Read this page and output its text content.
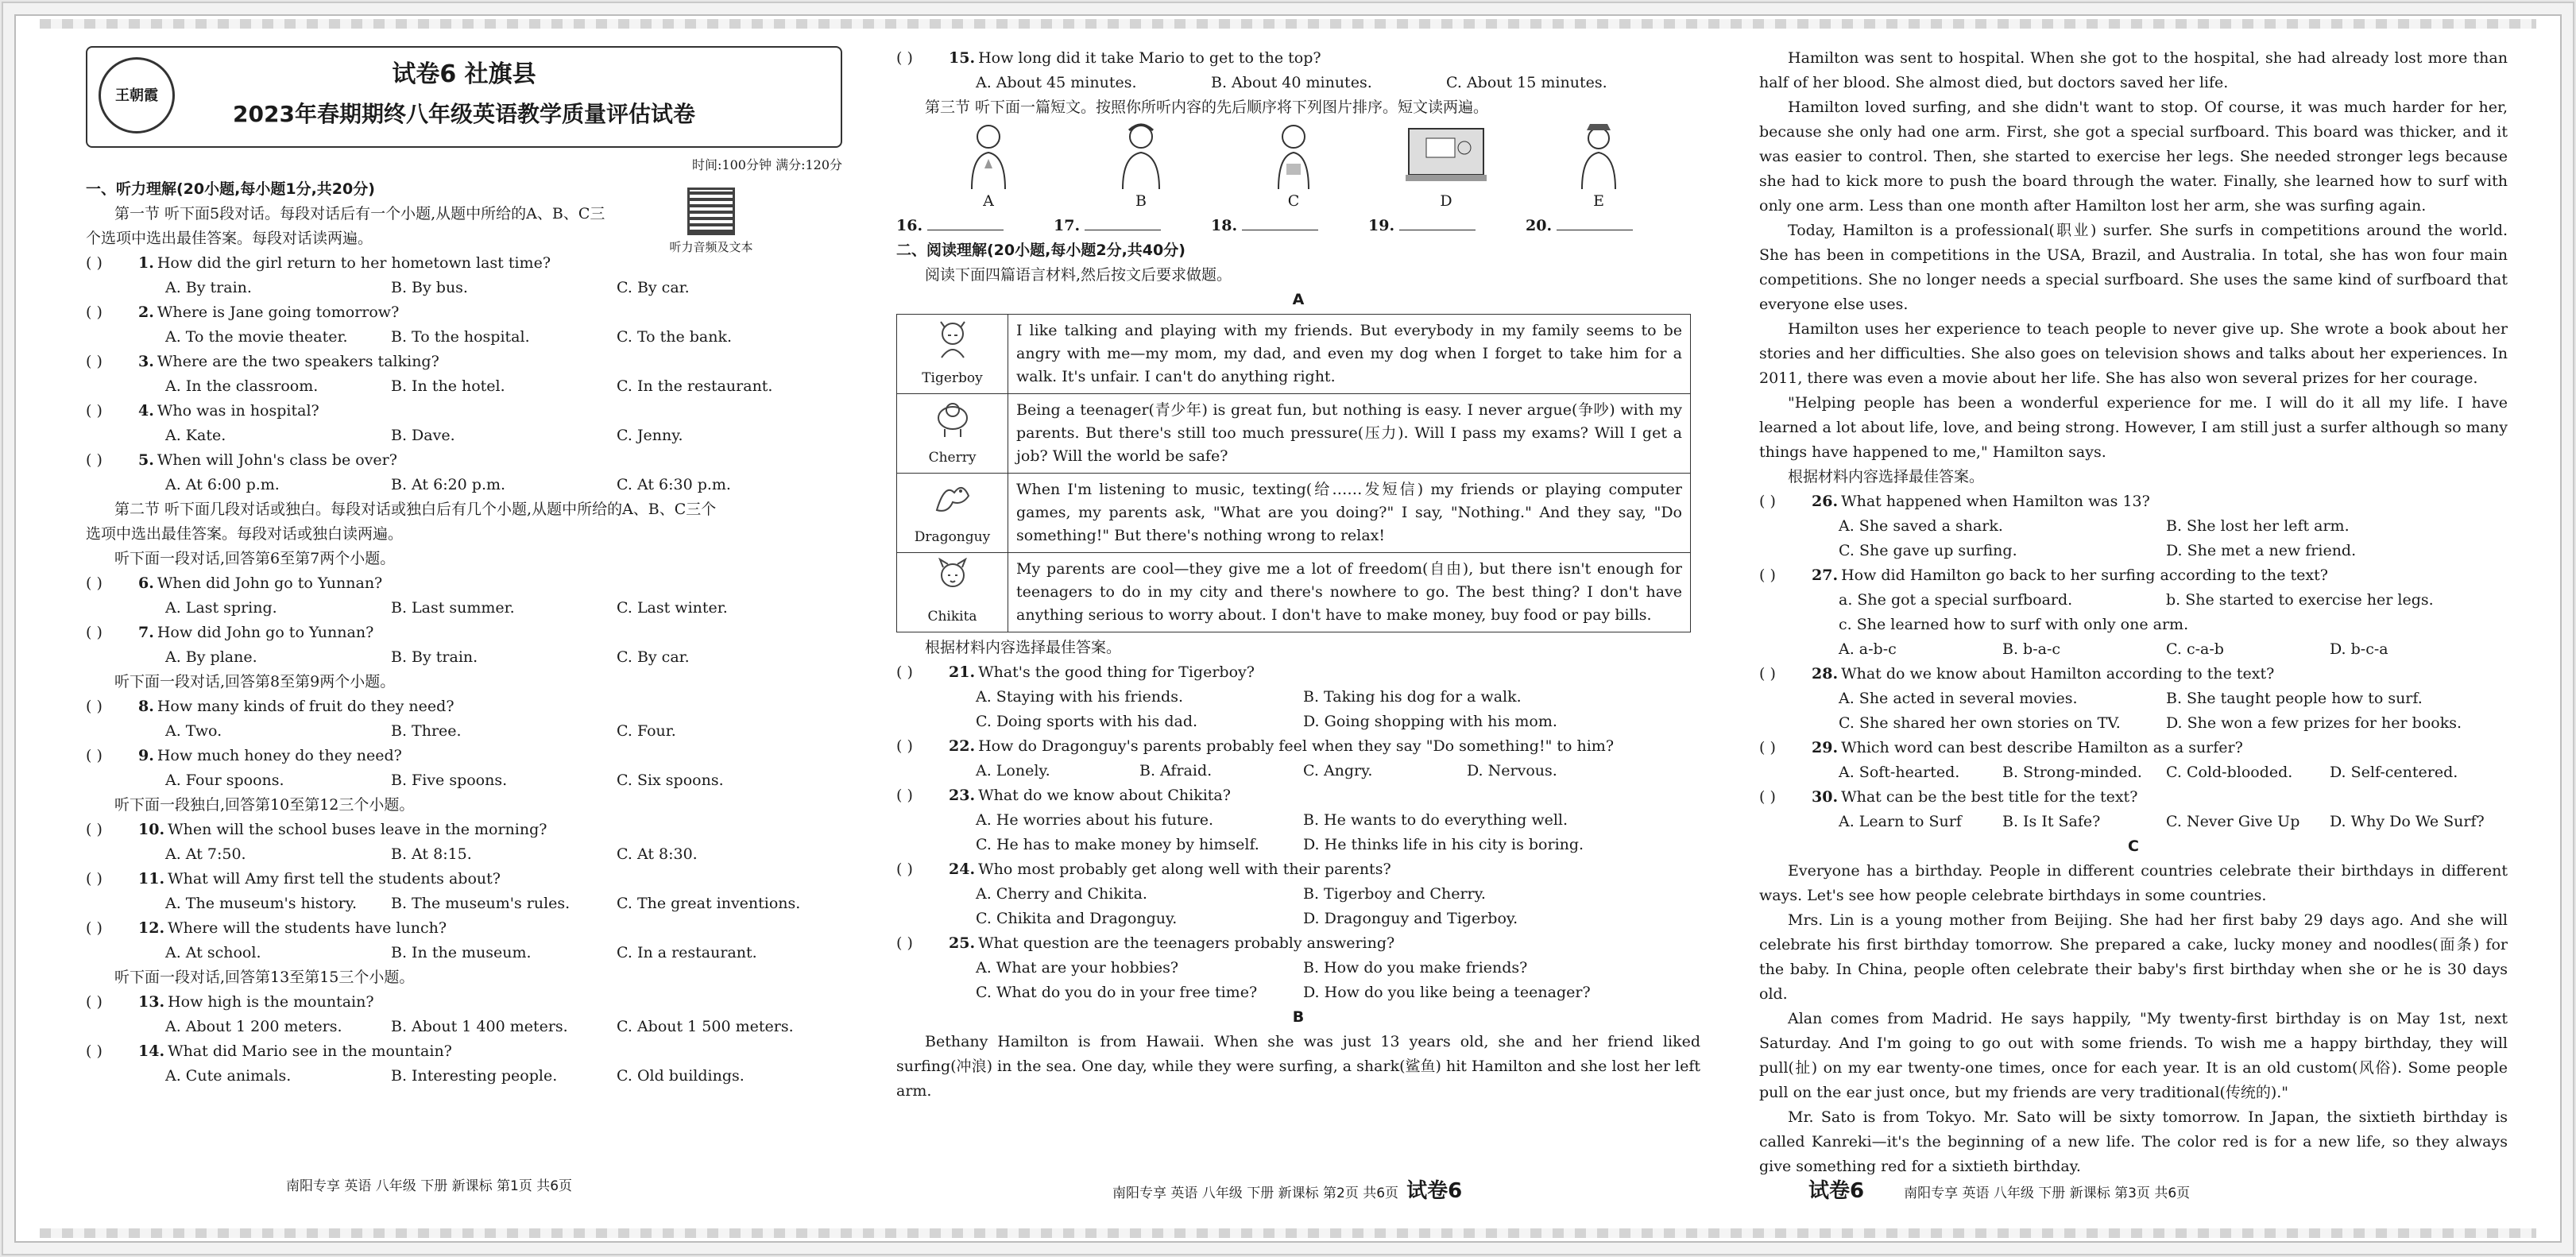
王朝霞
试卷6 社旗县
2023年春期期终八年级英语教学质量评估试卷
时间:100分钟 满分:120分
一、听力理解(20小题,每小题1分,共20分)
第一节 听下面5段对话。每段对话后有一个小题,从题中所给的A、B、C三
个选项中选出最佳答案。每段对话读两遍。
( )	1. How did the girl return to her hometown last time?
A. By train.	B. By bus.	C. By car.
( )	2. Where is Jane going tomorrow?
A. To the movie theater.	B. To the hospital.	C. To the bank.
( )	3. Where are the two speakers talking?
A. In the classroom.	B. In the hotel.	C. In the restaurant.
( )	4. Who was in hospital?
A. Kate.	B. Dave.	C. Jenny.
( )	5. When will John's class be over?
A. At 6:00 p.m.	B. At 6:20 p.m.	C. At 6:30 p.m.
第二节 听下面几段对话或独白。每段对话或独白后有几个小题,从题中所给的A、B、C三个
选项中选出最佳答案。每段对话或独白读两遍。
听下面一段对话,回答第6至第7两个小题。
( )	6. When did John go to Yunnan?
A. Last spring.	B. Last summer.	C. Last winter.
( )	7. How did John go to Yunnan?
A. By plane.	B. By train.	C. By car.
听下面一段对话,回答第8至第9两个小题。
( )	8. How many kinds of fruit do they need?
A. Two.	B. Three.	C. Four.
( )	9. How much honey do they need?
A. Four spoons.	B. Five spoons.	C. Six spoons.
听下面一段独白,回答第10至第12三个小题。
( )	10. When will the school buses leave in the morning?
A. At 7:50.	B. At 8:15.	C. At 8:30.
( )	11. What will Amy first tell the students about?
A. The museum's history.	B. The museum's rules.	C. The great inventions.
( )	12. Where will the students have lunch?
A. At school.	B. In the museum.	C. In a restaurant.
听下面一段对话,回答第13至第15三个小题。
( )	13. How high is the mountain?
A. About 1 200 meters.	B. About 1 400 meters.	C. About 1 500 meters.
( )	14. What did Mario see in the mountain?
A. Cute animals.	B. Interesting people.	C. Old buildings.
听力音频及文本
( )	15. How long did it take Mario to get to the top?
A. About 45 minutes.	B. About 40 minutes.	C. About 15 minutes.
第三节 听下面一篇短文。按照你所听内容的先后顺序将下列图片排序。短文读两遍。
A	B	C	D	E
16.	17.	18.	19.	20.
二、阅读理解(20小题,每小题2分,共40分)
阅读下面四篇语言材料,然后按文后要求做题。
A
Tigerboy	I like talking and playing with my friends. But everybody in my family seems to be angry with me—my mom, my dad, and even my dog when I forget to take him for a walk. It's unfair. I can't do anything right.

Cherry	Being a teenager(青少年) is great fun, but nothing is easy. I never argue(争吵) with my parents. But there's still too much pressure(压力). Will I pass my exams? Will I get a job? Will the world be safe?

Dragonguy	When I'm listening to music, texting(给……发短信) my friends or playing computer games, my parents ask, "What are you doing?" I say, "Nothing." And they say, "Do something!" But there's nothing wrong to relax!

Chikita	My parents are cool—they give me a lot of freedom(自由), but there isn't enough for teenagers to do in my city and there's nowhere to go. The best thing? I don't have anything serious to worry about. I don't have to make money, buy food or pay bills.
根据材料内容选择最佳答案。
( )	21. What's the good thing for Tigerboy?
A. Staying with his friends.	B. Taking his dog for a walk.
C. Doing sports with his dad.	D. Going shopping with his mom.
( )	22. How do Dragonguy's parents probably feel when they say "Do something!" to him?
A. Lonely.	B. Afraid.	C. Angry.	D. Nervous.
( )	23. What do we know about Chikita?
A. He worries about his future.	B. He wants to do everything well.
C. He has to make money by himself.	D. He thinks life in his city is boring.
( )	24. Who most probably get along well with their parents?
A. Cherry and Chikita.	B. Tigerboy and Cherry.
C. Chikita and Dragonguy.	D. Dragonguy and Tigerboy.
( )	25. What question are the teenagers probably answering?
A. What are your hobbies?	B. How do you make friends?
C. What do you do in your free time?	D. How do you like being a teenager?
B
Bethany Hamilton is from Hawaii. When she was just 13 years old, she and her friend liked surfing(冲浪) in the sea. One day, while they were surfing, a shark(鲨鱼) hit Hamilton and she lost her left arm.
Hamilton was sent to hospital. When she got to the hospital, she had already lost more than half of her blood. She almost died, but doctors saved her life.
Hamilton loved surfing, and she didn't want to stop. Of course, it was much harder for her, because she only had one arm. First, she got a special surfboard. This board was thicker, and it was easier to control. Then, she started to exercise her legs. She needed stronger legs because she had to kick more to push the board through the water. Finally, she learned how to surf with only one arm. Less than one month after Hamilton lost her arm, she was surfing again.
Today, Hamilton is a professional(职业) surfer. She surfs in competitions around the world. She has been in competitions in the USA, Brazil, and Australia. In total, she has won four main competitions. She no longer needs a special surfboard. She uses the same kind of surfboard that everyone else uses.
Hamilton uses her experience to teach people to never give up. She wrote a book about her stories and her difficulties. She also goes on television shows and talks about her experiences. In 2011, there was even a movie about her life. She has also won several prizes for her courage.
"Helping people has been a wonderful experience for me. I will do it all my life. I have learned a lot about life, love, and being strong. However, I am still just a surfer although so many things have happened to me," Hamilton says.
根据材料内容选择最佳答案。
( )	26. What happened when Hamilton was 13?
A. She saved a shark.	B. She lost her left arm.
C. She gave up surfing.	D. She met a new friend.
( )	27. How did Hamilton go back to her surfing according to the text?
a. She got a special surfboard.	b. She started to exercise her legs.
c. She learned how to surf with only one arm.
A. a-b-c	B. b-a-c	C. c-a-b	D. b-c-a
( )	28. What do we know about Hamilton according to the text?
A. She acted in several movies.	B. She taught people how to surf.
C. She shared her own stories on TV.	D. She won a few prizes for her books.
( )	29. Which word can best describe Hamilton as a surfer?
A. Soft-hearted.	B. Strong-minded.	C. Cold-blooded.	D. Self-centered.
( )	30. What can be the best title for the text?
A. Learn to Surf	B. Is It Safe?	C. Never Give Up	D. Why Do We Surf?
C
Everyone has a birthday. People in different countries celebrate their birthdays in different ways. Let's see how people celebrate birthdays in some countries.
Mrs. Lin is a young mother from Beijing. She had her first baby 29 days ago. And she will celebrate his first birthday tomorrow. She prepared a cake, lucky money and noodles(面条) for the baby. In China, people often celebrate their baby's first birthday when she or he is 30 days old.
Alan comes from Madrid. He says happily, "My twenty-first birthday is on May 1st, next Saturday. And I'm going to go out with some friends. To wish me a happy birthday, they will pull(扯) on my ear twenty-one times, once for each year. It is an old custom(风俗). Some people pull on the ear just once, but my friends are very traditional(传统的)."
Mr. Sato is from Tokyo. Mr. Sato will be sixty tomorrow. In Japan, the sixtieth birthday is called Kanreki—it's the beginning of a new life. The color red is for a new life, so they always give something red for a sixtieth birthday.
南阳专享 英语 八年级 下册 新课标 第1页 共6页	南阳专享 英语 八年级 下册 新课标 第2页 共6页 试卷6	试卷6	南阳专享 英语 八年级 下册 新课标 第3页 共6页
